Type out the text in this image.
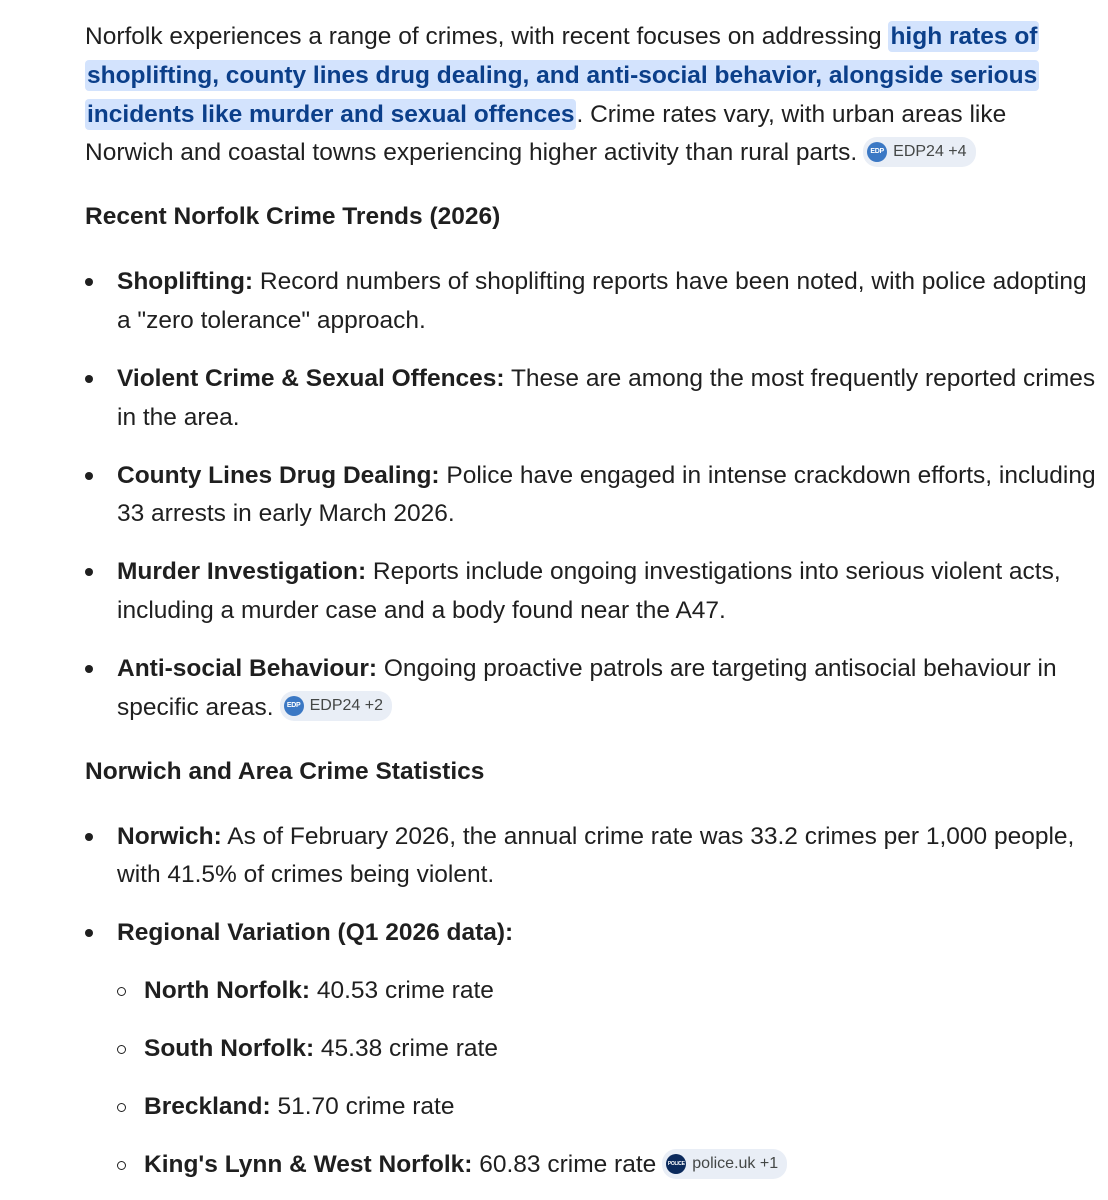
Norfolk experiences a range of crimes, with recent focuses on addressing high rates of shoplifting, county lines drug dealing, and anti-social behavior, alongside serious incidents like murder and sexual offences. Crime rates vary, with urban areas like Norwich and coastal towns experiencing higher activity than rural parts.	EDP EDP24 +4

Recent Norfolk Crime Trends (2026)
Shoplifting: Record numbers of shoplifting reports have been noted, with police adopting a "zero tolerance" approach.
Violent Crime & Sexual Offences: These are among the most frequently reported crimes in the area.
County Lines Drug Dealing: Police have engaged in intense crackdown efforts, including 33 arrests in early March 2026.
Murder Investigation: Reports include ongoing investigations into serious violent acts, including a murder case and a body found near the A47.
Anti-social Behaviour: Ongoing proactive patrols are targeting antisocial behaviour in specific areas.	EDP EDP24 +2
Norwich and Area Crime Statistics
Norwich: As of February 2026, the annual crime rate was 33.2 crimes per 1,000 people, with 41.5% of crimes being violent.
Regional Variation (Q1 2026 data):
North Norfolk: 40.53 crime rate
South Norfolk: 45.38 crime rate
Breckland: 51.70 crime rate
King's Lynn & West Norfolk: 60.83 crime rate	POLICE police.uk +1
